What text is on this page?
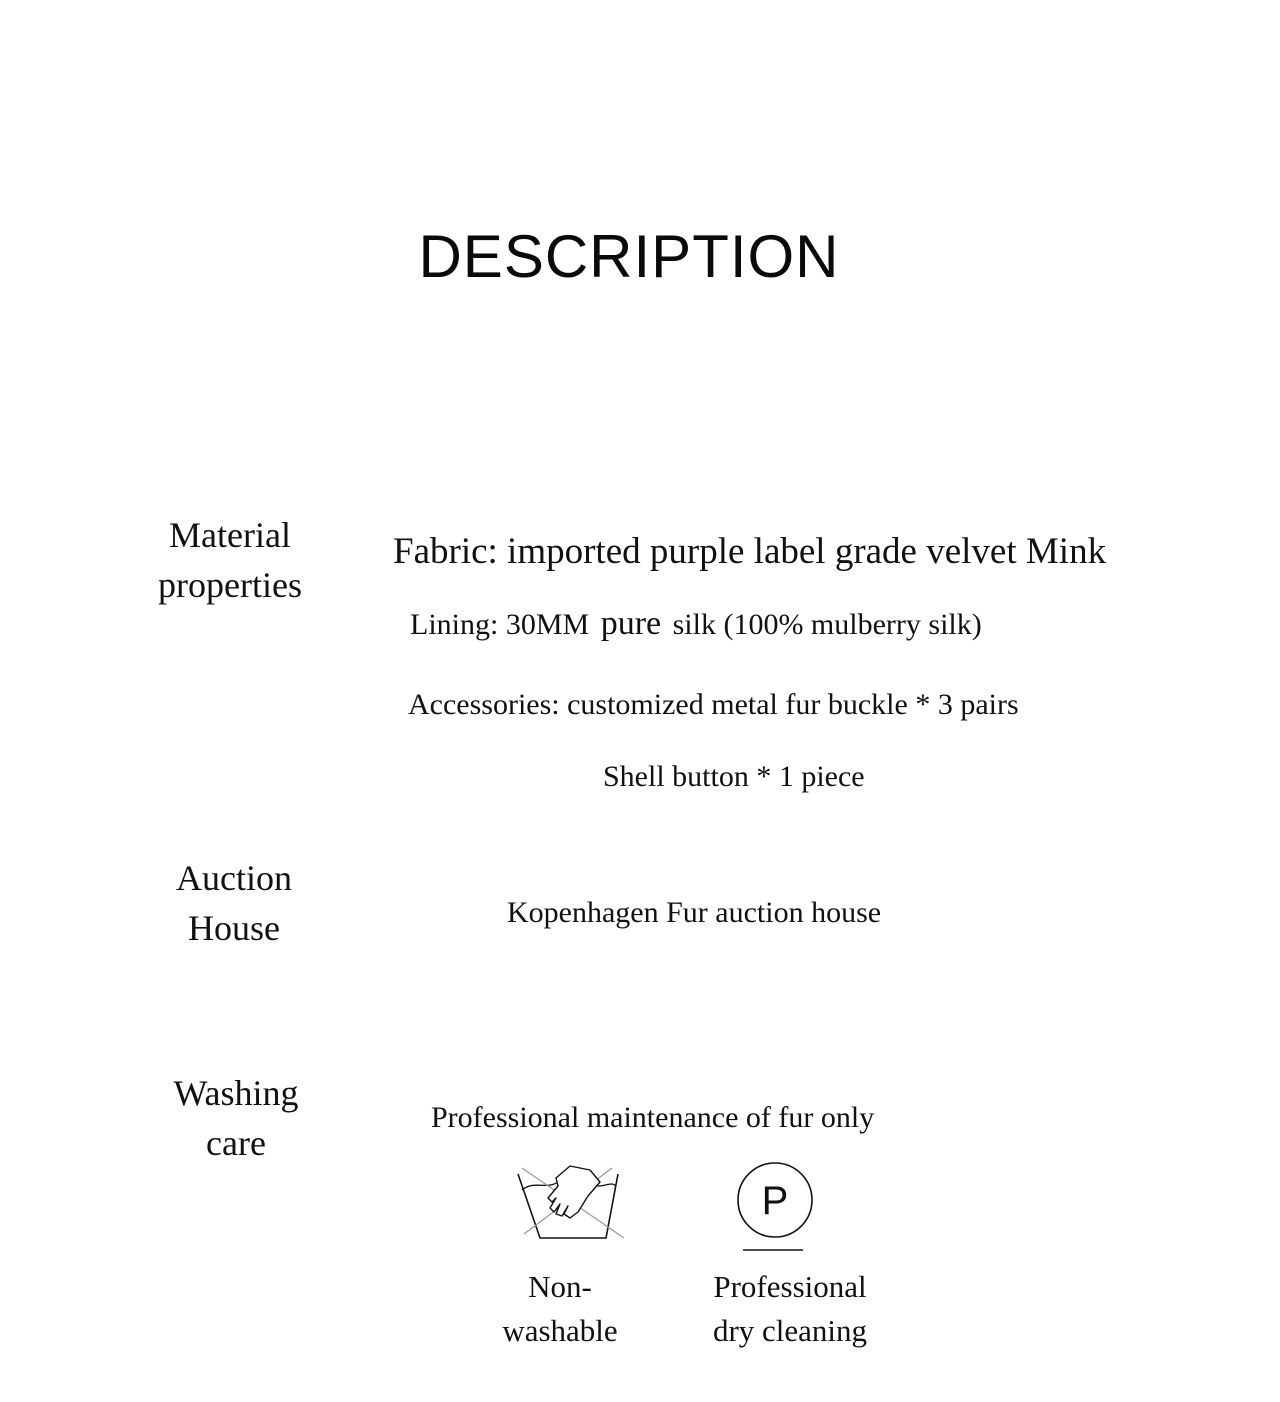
DESCRIPTION
Material
properties
Fabric: imported purple label grade velvet Mink
Lining: 30MM pure silk (100% mulberry silk)
Accessories: customized metal fur buckle * 3 pairs
Shell button * 1 piece
Auction
House	Kopenhagen Fur auction house
Washing
care
Professional maintenance of fur only
P
Non-
washable
Professional
dry cleaning
